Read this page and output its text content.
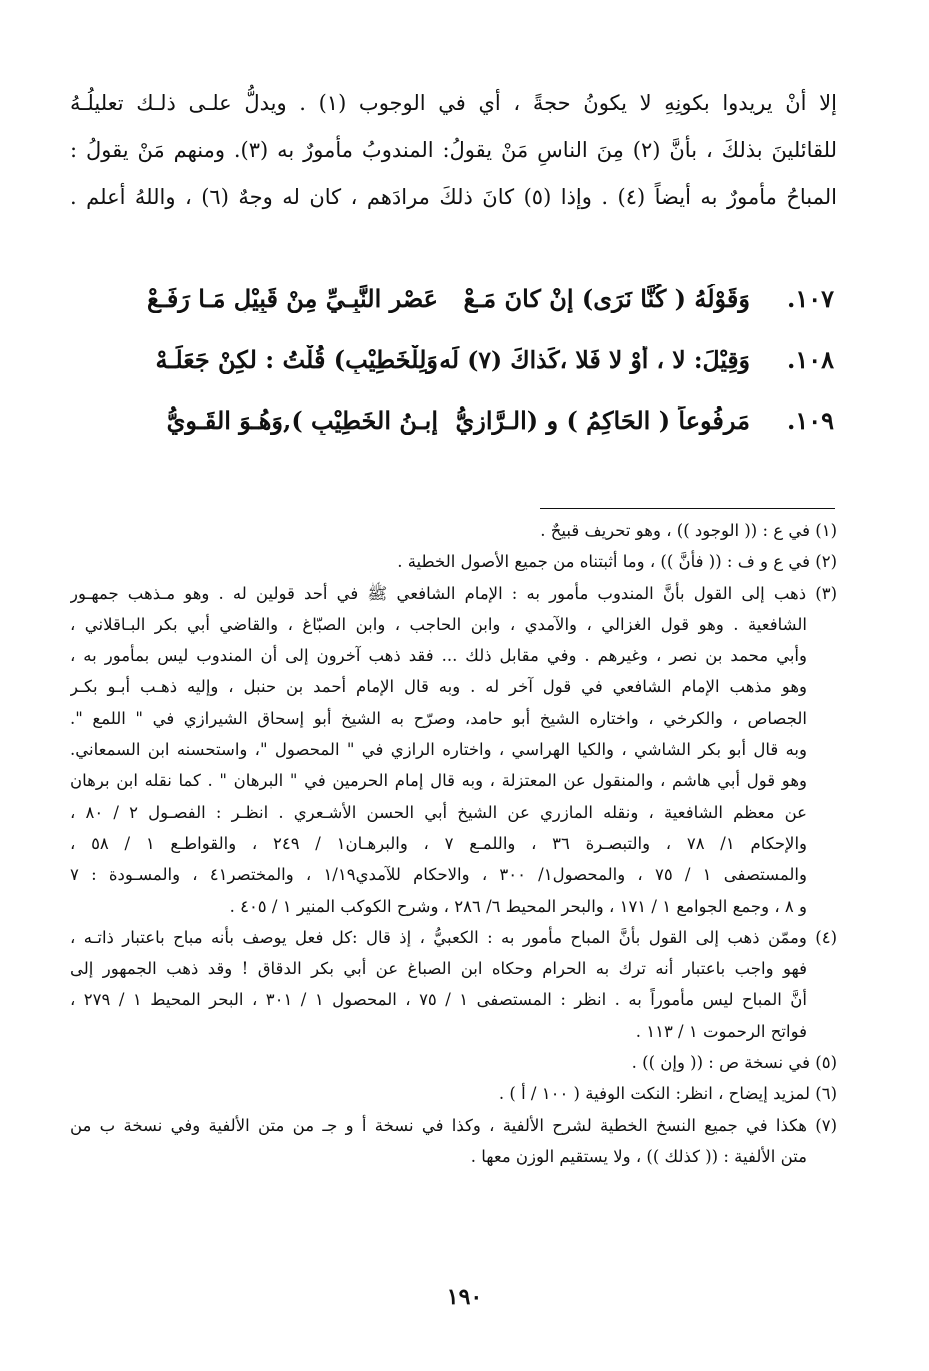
إلا أنْ يريدوا بكونِهِ لا يكونُ حجةً ، أي في الوجوب (١) . ويدلُّ علـى ذلـك تعليلُـهُ
للقائلينَ بذلكَ ، بأنَّ (٢) مِنَ الناسِ مَنْ يقولُ: المندوبُ مأمورٌ به (٣). ومنهم مَنْ يقولُ :
المباحُ مأمورٌ به أيضاً (٤) . وإذا (٥) كانَ ذلكَ مرادَهم ، كان له وجهٌ (٦) ، واللهُ أعلم .
١٠٧.
وَقَوْلُهُ ( كُنَّا نَرَى) إنْ كانَ مَـعْ
عَصْرِ النَّبِـيِّ مِنْ قَبِيْلِ مَـا رَفَـعْ
١٠٨.
وَقِيْلَ: لا ، أوْ لا فَلا ،كَذاكَ (٧) لَه
وَلِلْخَطِيْبِ) قُلْتُ : لكِنْ جَعَلَـهْ
١٠٩.
مَرفُوعاً ( الحَاكِمُ ) و (الـرَّازِيُّ
إبـنُ الخَطِيْبِ ),وَهُـوَ القَـوِيُّ
(١) في ع : (( الوجود )) ، وهو تحريف قبيحٌ .
(٢) في ع و ف : (( فأنَّ )) ، وما أثبتناه من جميع الأصول الخطية .
(٣) ذهب إلى القول بأنَّ المندوب مأمور به : الإمام الشافعي ﷺ في أحد قولين له . وهو مـذهب جمهـور
الشافعية . وهو قول الغزالي ، والآمدي ، وابن الحاجب ، وابن الصبّاغ ، والقاضي أبي بكر البـاقلاني ،
وأبي محمد بن نصر ، وغيرهم . وفي مقابل ذلك ... فقد ذهب آخرون إلى أن المندوب ليس بمأمور به ،
وهو مذهب الإمام الشافعي في قول آخر له . وبه قال الإمام أحمد بن حنبل ، وإليه ذهـب أبـو بكـر
الجصاص ، والكرخي ، واختاره الشيخ أبو حامد، وصرّح به الشيخ أبو إسحاق الشيرازي في " اللمع ".
وبه قال أبو بكر الشاشي ، والكيا الهراسي ، واختاره الرازي في " المحصول "، واستحسنه ابن السمعاني.
وهو قول أبي هاشم ، والمنقول عن المعتزلة ، وبه قال إمام الحرمين في " البرهان " . كما نقله ابن برهان
عن معظم الشافعية ، ونقله المازري عن الشيخ أبي الحسن الأشـعري . انظـر : الفصـول ٢ / ٨٠ ،
والإحكام ١/ ٧٨ ، والتبصـرة ٣٦ ، واللمـع ٧ ، والبرهـان١ / ٢٤٩ ، والقواطـع ١ / ٥٨ ،
والمستصفى ١ / ٧٥ ، والمحصول١/ ٣٠٠ ، والاحكام للآمدي١/١٩ ، والمختصر٤١ ، والمسـودة : ٧
و ٨ ، وجمع الجوامع ١ / ١٧١ ، والبحر المحيط ٦/ ٢٨٦ ، وشرح الكوكب المنير ١ / ٤٠٥ .
(٤) وممّن ذهب إلى القول بأنَّ المباح مأمور به : الكعبيُّ ، إذ قال :كل فعل يوصف بأنه مباح باعتبار ذاتـه ،
فهو واجب باعتبار أنه ترك به الحرام وحكاه ابن الصباغ عن أبي بكر الدقاق ! وقد ذهب الجمهور إلى
أنَّ المباح ليس مأموراً به . انظر : المستصفى ١ / ٧٥ ، المحصول ١ / ٣٠١ ، البحر المحيط ١ / ٢٧٩ ،
فواتح الرحموت ١ / ١١٣ .
(٥) في نسخة ص : (( وإن )) .
(٦) لمزيد إيضاح ، انظر: النكت الوفية ( ١٠٠ / أ ) .
(٧) هكذا في جميع النسخ الخطية لشرح الألفية ، وكذا في نسخة أ و جـ من متن الألفية وفي نسخة ب من
متن الألفية : (( كذلك )) ، ولا يستقيم الوزن معها .
١٩٠
